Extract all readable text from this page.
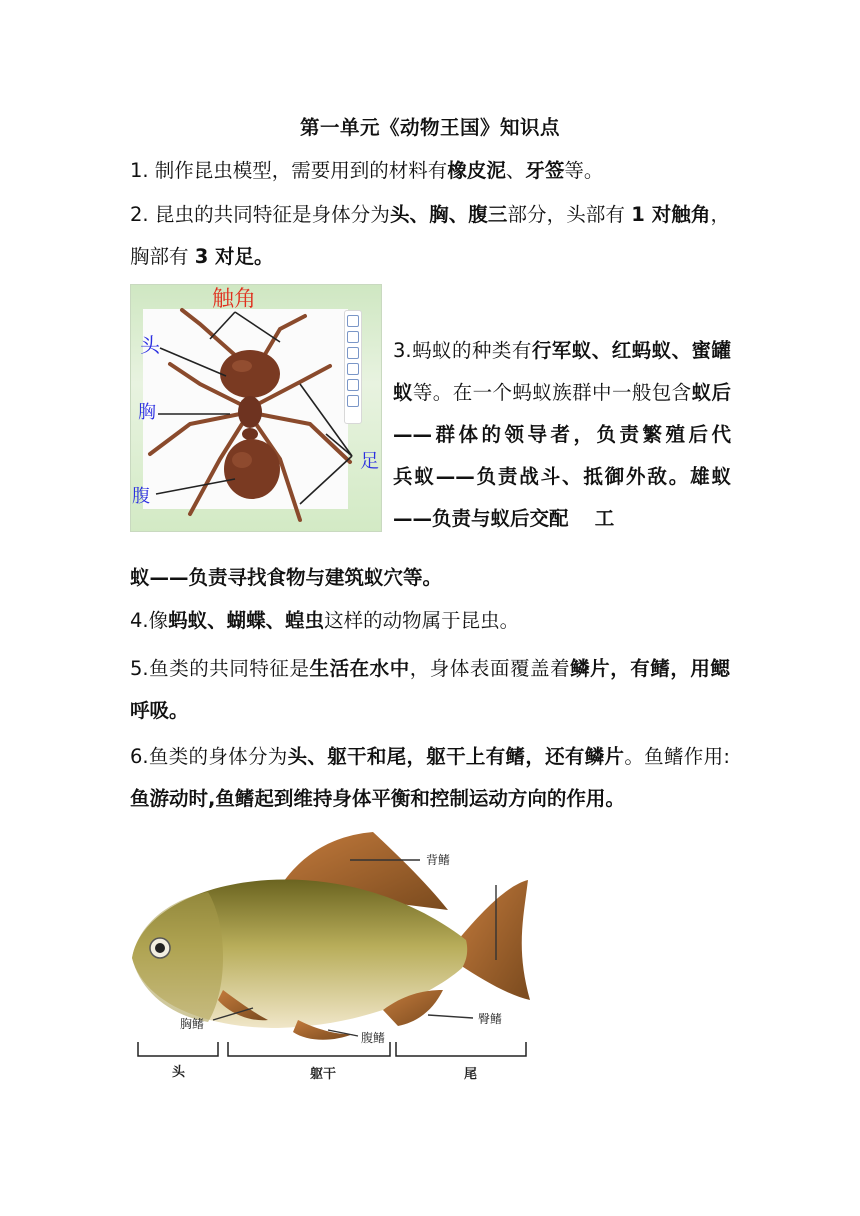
第一单元《动物王国》知识点
1. 制作昆虫模型，需要用到的材料有橡皮泥、牙签等。
2. 昆虫的共同特征是身体分为头、胸、腹三部分，头部有 1 对触角，胸部有 3 对足。
触角
头
胸
腹
足
3.蚂蚁的种类有行军蚁、红蚂蚁、蜜罐蚁等。在一个蚂蚁族群中一般包含蚁后——群体的领导者，负责繁殖后代　 兵蚁——负责战斗、抵御外敌。雄蚁——负责与蚁后交配　 工
蚁——负责寻找食物与建筑蚁穴等。
4.像蚂蚁、蝴蝶、蝗虫这样的动物属于昆虫。
5.鱼类的共同特征是生活在水中，身体表面覆盖着鳞片，有鳍，用鳃呼吸。
6.鱼类的身体分为头、躯干和尾，躯干上有鳍，还有鳞片。鱼鳍作用:鱼游动时,鱼鳍起到维持身体平衡和控制运动方向的作用。
背鳍
胸鳍
腹鳍
臀鳍
头	躯干	尾
